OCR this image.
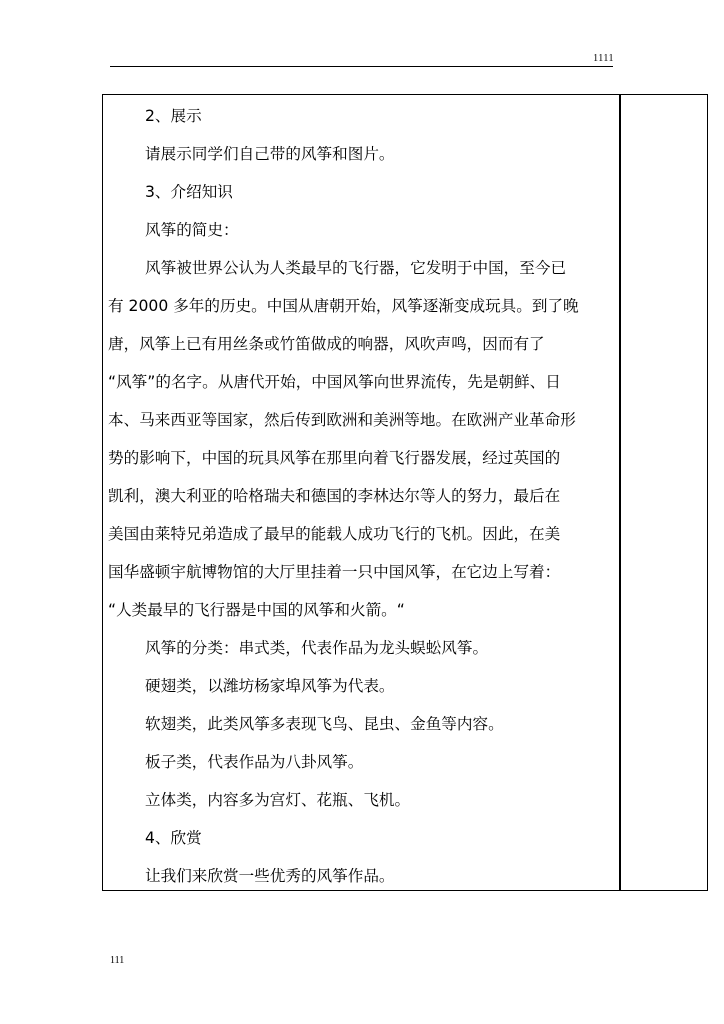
1111
2、展示
请展示同学们自己带的风筝和图片。
3、介绍知识
风筝的简史：
风筝被世界公认为人类最早的飞行器，它发明于中国，至今已
有 2000 多年的历史。中国从唐朝开始，风筝逐渐变成玩具。到了晚
唐，风筝上已有用丝条或竹笛做成的响器，风吹声鸣，因而有了
“风筝”的名字。从唐代开始，中国风筝向世界流传，先是朝鲜、日
本、马来西亚等国家，然后传到欧洲和美洲等地。在欧洲产业革命形
势的影响下，中国的玩具风筝在那里向着飞行器发展，经过英国的
凯利，澳大利亚的哈格瑞夫和德国的李林达尔等人的努力，最后在
美国由莱特兄弟造成了最早的能载人成功飞行的飞机。因此，在美
国华盛顿宇航博物馆的大厅里挂着一只中国风筝，在它边上写着：
“人类最早的飞行器是中国的风筝和火箭。“
风筝的分类：串式类，代表作品为龙头蜈蚣风筝。
硬翅类，以潍坊杨家埠风筝为代表。
软翅类，此类风筝多表现飞鸟、昆虫、金鱼等内容。
板子类，代表作品为八卦风筝。
立体类，内容多为宫灯、花瓶、飞机。
4、欣赏
让我们来欣赏一些优秀的风筝作品。
111
